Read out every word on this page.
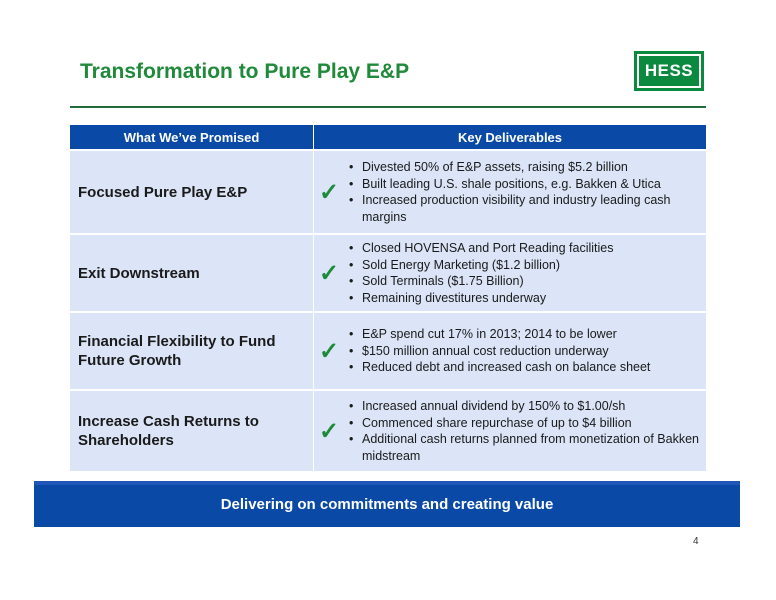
Transformation to Pure Play E&P	HESS
What We’ve Promised	Key Deliverables
Focused Pure Play E&P	✓
• Divested 50% of E&P assets, raising $5.2 billion
• Built leading U.S. shale positions, e.g. Bakken & Utica
• Increased production visibility and industry leading cash margins
Exit Downstream	✓
• Closed HOVENSA and Port Reading facilities
• Sold Energy Marketing ($1.2 billion)
• Sold Terminals ($1.75 Billion)
• Remaining divestitures underway
Financial Flexibility to Fund Future Growth	✓
• E&P spend cut 17% in 2013; 2014 to be lower
• $150 million annual cost reduction underway
• Reduced debt and increased cash on balance sheet
Increase Cash Returns to Shareholders	✓
• Increased annual dividend by 150% to $1.00/sh
• Commenced share repurchase of up to $4 billion
• Additional cash returns planned from monetization of Bakken midstream
Delivering on commitments and creating value
4
